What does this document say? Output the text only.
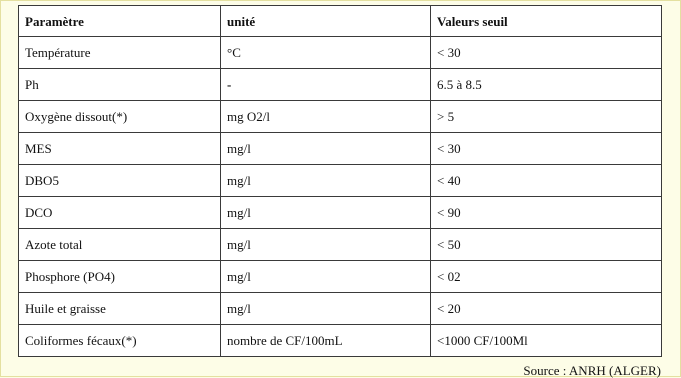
Paramètre	unité	Valeurs seuil
Température	°C	< 30
Ph	-	6.5 à 8.5
Oxygène dissout(*)	mg O2/l	> 5
MES	mg/l	< 30
DBO5	mg/l	< 40
DCO	mg/l	< 90
Azote total	mg/l	< 50
Phosphore (PO4)	mg/l	< 02
Huile et graisse	mg/l	< 20
Coliformes fécaux(*)	nombre de CF/100mL	<1000 CF/100Ml
Source : ANRH (ALGER)
